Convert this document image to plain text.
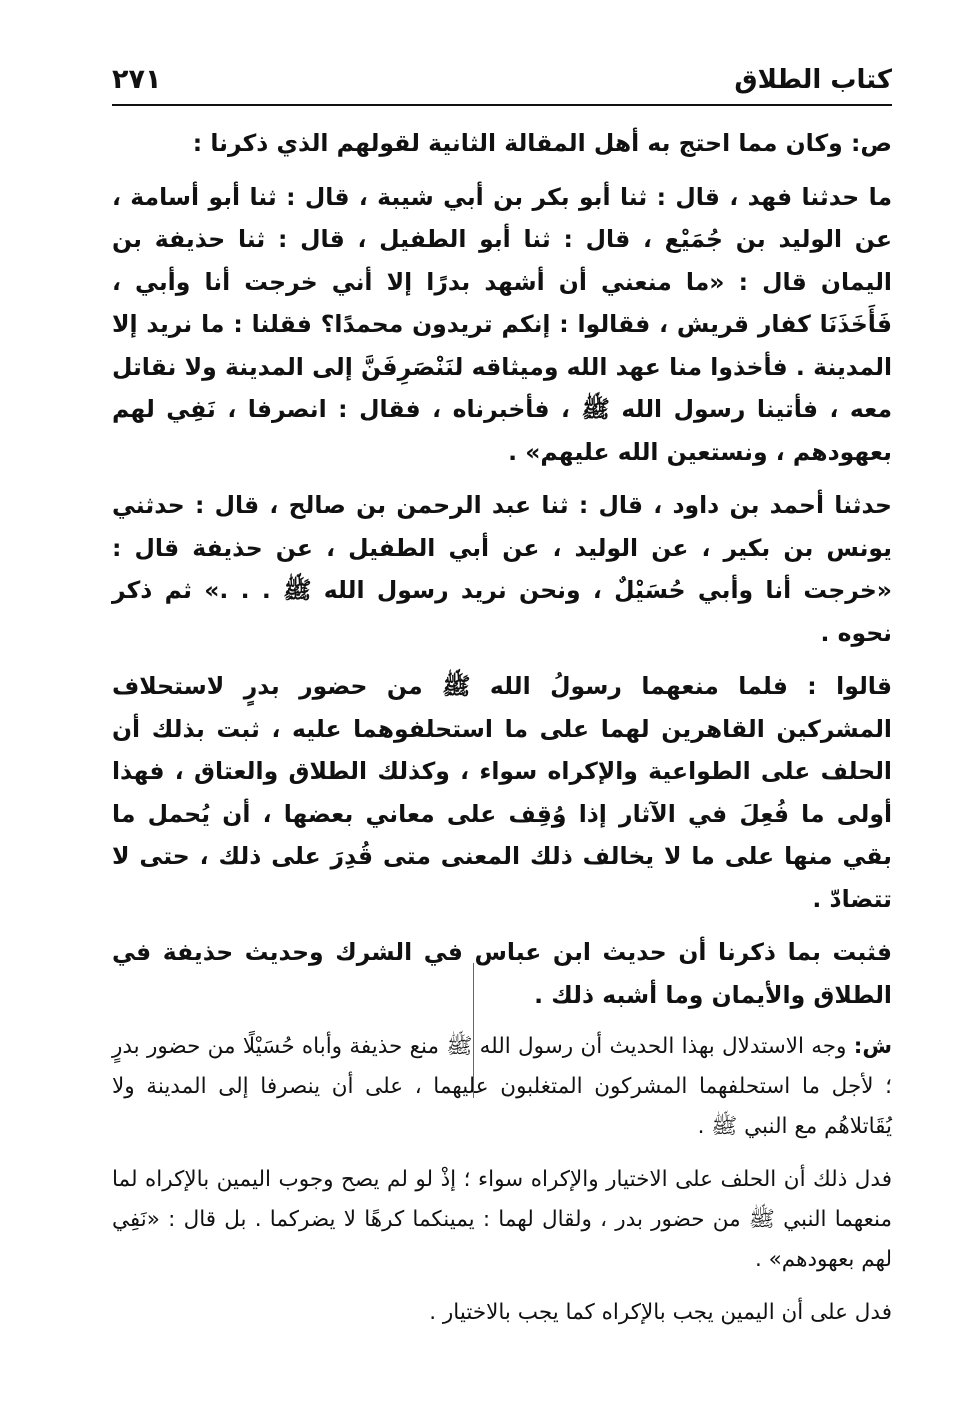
كتاب الطلاق
٢٧١

ص: وكان مما احتج به أهل المقالة الثانية لقولهم الذي ذكرنا :

ما حدثنا فهد ، قال : ثنا أبو بكر بن أبي شيبة ، قال : ثنا أبو أسامة ، عن الوليد بن جُمَيْع ، قال : ثنا أبو الطفيل ، قال : ثنا حذيفة بن اليمان قال : «ما منعني أن أشهد بدرًا إلا أني خرجت أنا وأبي ، فَأَخَذَنَا كفار قريش ، فقالوا : إنكم تريدون محمدًا؟ فقلنا : ما نريد إلا المدينة . فأخذوا منا عهد الله وميثاقه لنَنْصَرِفَنَّ إلى المدينة ولا نقاتل معه ، فأتينا رسول الله ﷺ ، فأخبرناه ، فقال : انصرفا ، نَفِي لهم بعهودهم ، ونستعين الله عليهم» .

حدثنا أحمد بن داود ، قال : ثنا عبد الرحمن بن صالح ، قال : حدثني يونس بن بكير ، عن الوليد ، عن أبي الطفيل ، عن حذيفة قال : «خرجت أنا وأبي حُسَيْلٌ ، ونحن نريد رسول الله ﷺ . . .» ثم ذكر نحوه .

قالوا : فلما منعهما رسولُ الله ﷺ من حضور بدرٍ لاستحلاف المشركين القاهرين لهما على ما استحلفوهما عليه ، ثبت بذلك أن الحلف على الطواعية والإكراه سواء ، وكذلك الطلاق والعتاق ، فهذا أولى ما فُعِلَ في الآثار إذا وُقِف على معاني بعضها ، أن يُحمل ما بقي منها على ما لا يخالف ذلك المعنى متى قُدِرَ على ذلك ، حتى لا تتضادّ .

فثبت بما ذكرنا أن حديث ابن عباس في الشرك وحديث حذيفة في الطلاق والأيمان وما أشبه ذلك .

ش: وجه الاستدلال بهذا الحديث أن رسول الله ﷺ منع حذيفة وأباه حُسَيْلًا من حضور بدرٍ ؛ لأجل ما استحلفهما المشركون المتغلبون عليهما ، على أن ينصرفا إلى المدينة ولا يُقَاتلاهُم مع النبي ﷺ .

فدل ذلك أن الحلف على الاختيار والإكراه سواء ؛ إذْ لو لم يصح وجوب اليمين بالإكراه لما منعهما النبي ﷺ من حضور بدر ، ولقال لهما : يمينكما كرهًا لا يضركما . بل قال : «نَفِي لهم بعهودهم» .

فدل على أن اليمين يجب بالإكراه كما يجب بالاختيار .
